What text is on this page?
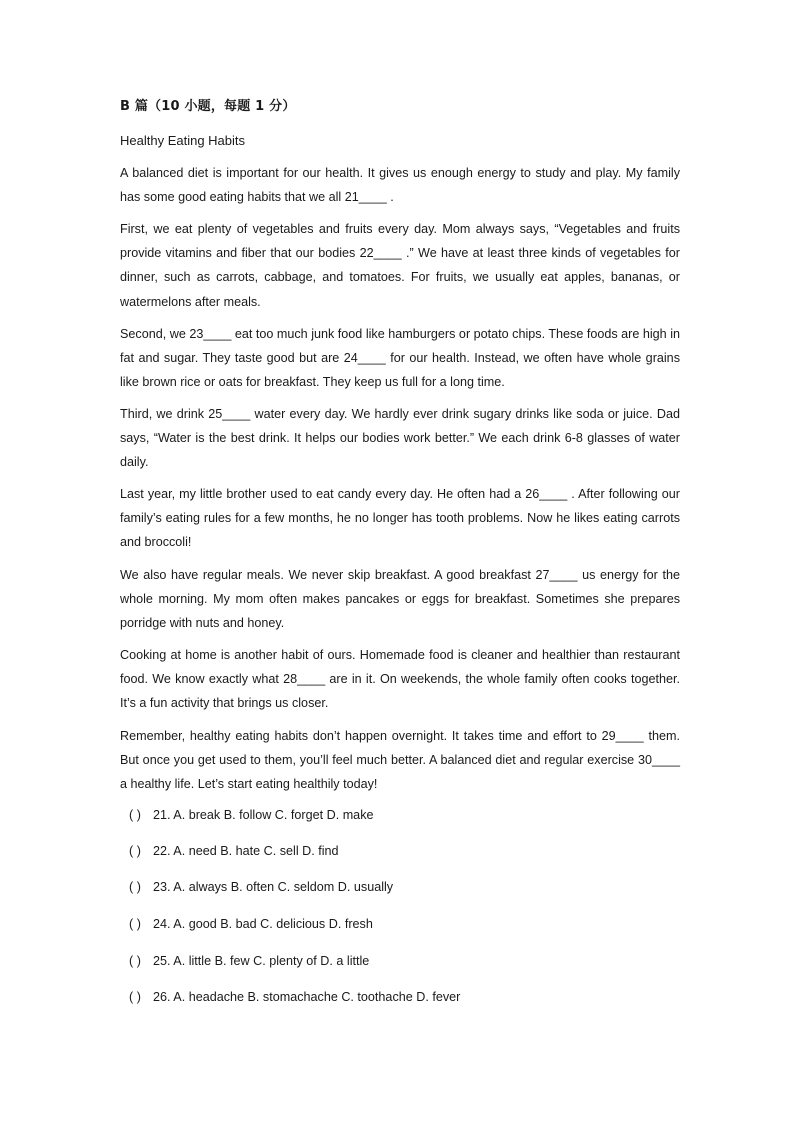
B 篇（10 小题，每题 1 分）
Healthy Eating Habits
A balanced diet is important for our health. It gives us enough energy to study and play. My family has some good eating habits that we all 21____ .
First, we eat plenty of vegetables and fruits every day. Mom always says, “Vegetables and fruits provide vitamins and fiber that our bodies 22____ .” We have at least three kinds of vegetables for dinner, such as carrots, cabbage, and tomatoes. For fruits, we usually eat apples, bananas, or watermelons after meals.
Second, we 23____ eat too much junk food like hamburgers or potato chips. These foods are high in fat and sugar. They taste good but are 24____ for our health. Instead, we often have whole grains like brown rice or oats for breakfast. They keep us full for a long time.
Third, we drink 25____ water every day. We hardly ever drink sugary drinks like soda or juice. Dad says, “Water is the best drink. It helps our bodies work better.” We each drink 6-8 glasses of water daily.
Last year, my little brother used to eat candy every day. He often had a 26____ . After following our family’s eating rules for a few months, he no longer has tooth problems. Now he likes eating carrots and broccoli!
We also have regular meals. We never skip breakfast. A good breakfast 27____ us energy for the whole morning. My mom often makes pancakes or eggs for breakfast. Sometimes she prepares porridge with nuts and honey.
Cooking at home is another habit of ours. Homemade food is cleaner and healthier than restaurant food. We know exactly what 28____ are in it. On weekends, the whole family often cooks together. It’s a fun activity that brings us closer.
Remember, healthy eating habits don’t happen overnight. It takes time and effort to 29____ them. But once you get used to them, you’ll feel much better. A balanced diet and regular exercise 30____ a healthy life. Let’s start eating healthily today!
( ) 21. A. break B. follow C. forget D. make
( ) 22. A. need B. hate C. sell D. find
( ) 23. A. always B. often C. seldom D. usually
( ) 24. A. good B. bad C. delicious D. fresh
( ) 25. A. little B. few C. plenty of D. a little
( ) 26. A. headache B. stomachache C. toothache D. fever
